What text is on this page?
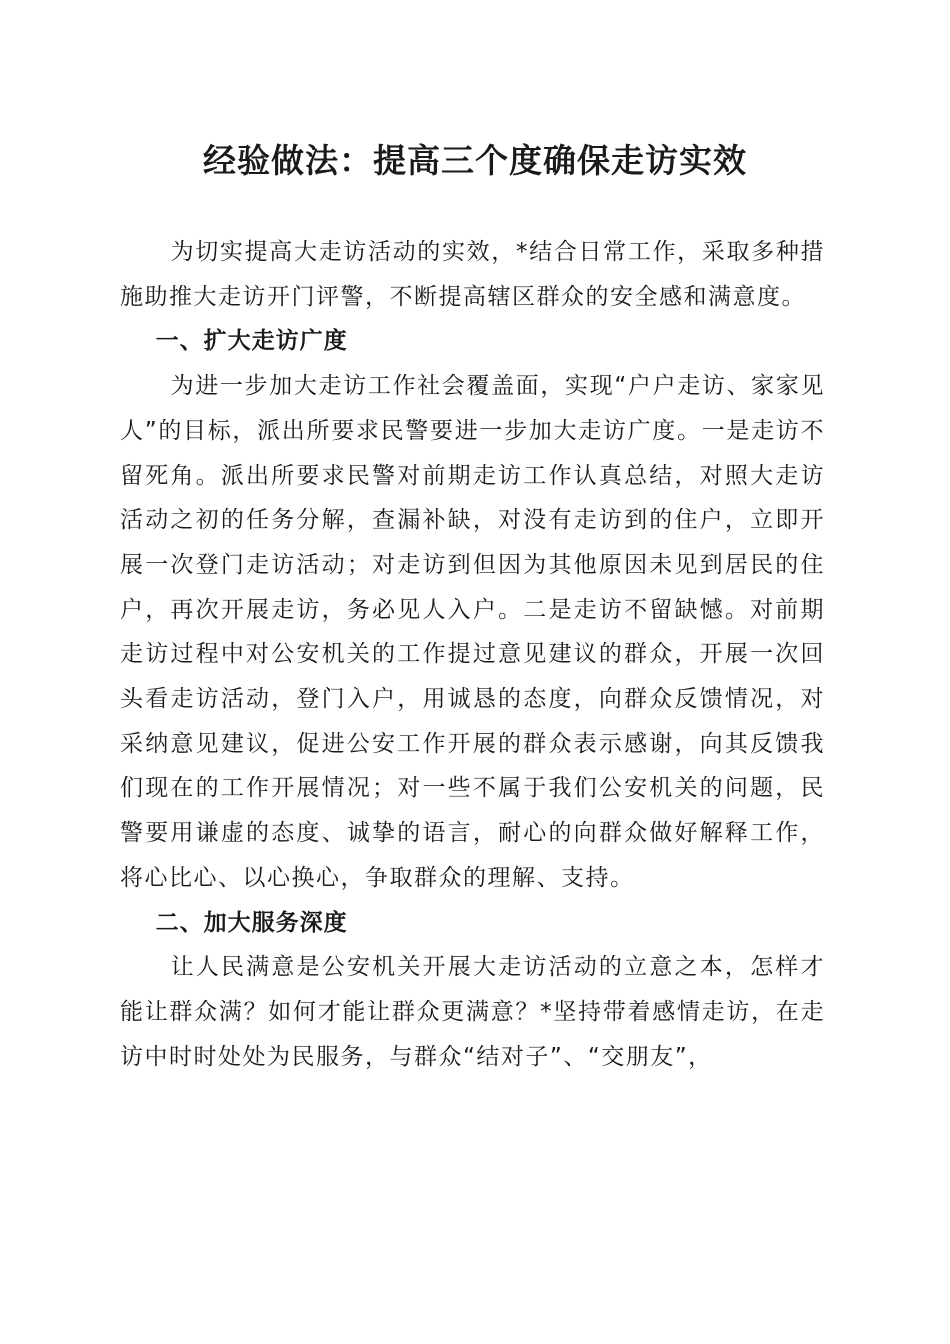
经验做法：提高三个度确保走访实效

为切实提高大走访活动的实效，*结合日常工作，采取多种措施助推大走访开门评警，不断提高辖区群众的安全感和满意度。

一、扩大走访广度

为进一步加大走访工作社会覆盖面，实现“户户走访、家家见人”的目标，派出所要求民警要进一步加大走访广度。一是走访不留死角。派出所要求民警对前期走访工作认真总结，对照大走访活动之初的任务分解，查漏补缺，对没有走访到的住户，立即开展一次登门走访活动；对走访到但因为其他原因未见到居民的住户，再次开展走访，务必见人入户。二是走访不留缺憾。对前期走访过程中对公安机关的工作提过意见建议的群众，开展一次回头看走访活动，登门入户，用诚恳的态度，向群众反馈情况，对采纳意见建议，促进公安工作开展的群众表示感谢，向其反馈我们现在的工作开展情况；对一些不属于我们公安机关的问题，民警要用谦虚的态度、诚挚的语言，耐心的向群众做好解释工作，将心比心、以心换心，争取群众的理解、支持。

二、加大服务深度

让人民满意是公安机关开展大走访活动的立意之本，怎样才能让群众满？如何才能让群众更满意？*坚持带着感情走访，在走访中时时处处为民服务，与群众“结对子”、“交朋友”，
